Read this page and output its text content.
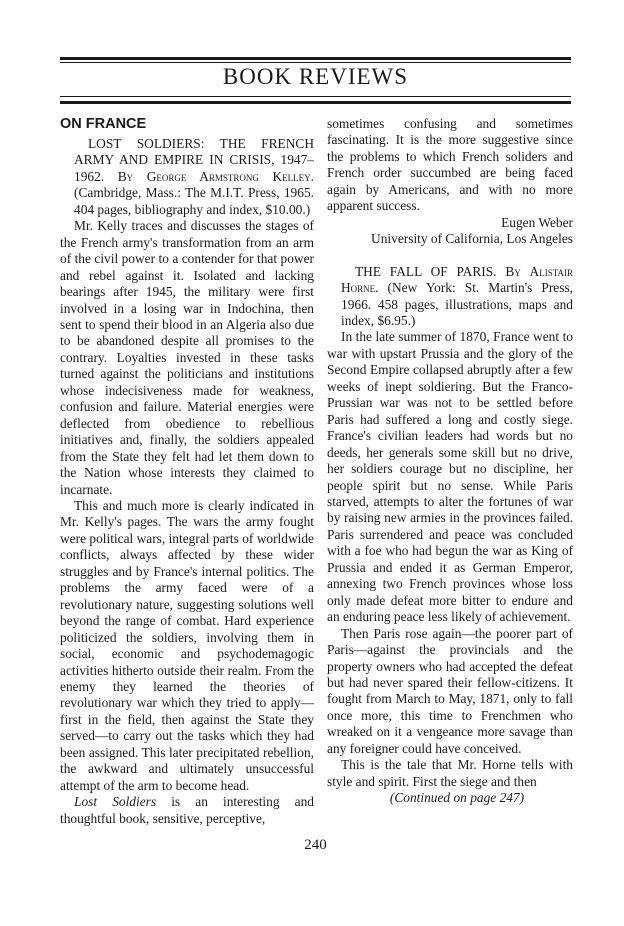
BOOK REVIEWS
ON FRANCE

LOST SOLDIERS: THE FRENCH ARMY AND EMPIRE IN CRISIS, 1947–1962. By George Armstrong Kelley. (Cambridge, Mass.: The M.I.T. Press, 1965. 404 pages, bibliography and index, $10.00.)

Mr. Kelly traces and discusses the stages of the French army's transformation from an arm of the civil power to a contender for that power and rebel against it. Isolated and lacking bearings after 1945, the military were first involved in a losing war in Indochina, then sent to spend their blood in an Algeria also due to be abandoned despite all promises to the contrary. Loyalties invested in these tasks turned against the politicians and institutions whose indecisiveness made for weakness, confusion and failure. Material energies were deflected from obedience to rebellious initiatives and, finally, the soldiers appealed from the State they felt had let them down to the Nation whose interests they claimed to incarnate.

This and much more is clearly indicated in Mr. Kelly's pages. The wars the army fought were political wars, integral parts of worldwide conflicts, always affected by these wider struggles and by France's internal politics. The problems the army faced were of a revolutionary nature, suggesting solutions well beyond the range of combat. Hard experience politicized the soldiers, involving them in social, economic and psychodemagogic activities hitherto outside their realm. From the enemy they learned the theories of revolutionary war which they tried to apply—first in the field, then against the State they served—to carry out the tasks which they had been assigned. This later precipitated rebellion, the awkward and ultimately unsuccessful attempt of the arm to become head.

Lost Soldiers is an interesting and thoughtful book, sensitive, perceptive,

sometimes confusing and sometimes fascinating. It is the more suggestive since the problems to which French soliders and French order succumbed are being faced again by Americans, and with no more apparent success.

Eugen Weber

University of California, Los Angeles

THE FALL OF PARIS. By Alistair Horne. (New York: St. Martin's Press, 1966. 458 pages, illustrations, maps and index, $6.95.)

In the late summer of 1870, France went to war with upstart Prussia and the glory of the Second Empire collapsed abruptly after a few weeks of inept soldiering. But the Franco-Prussian war was not to be settled before Paris had suffered a long and costly siege. France's civilian leaders had words but no deeds, her generals some skill but no drive, her soldiers courage but no discipline, her people spirit but no sense. While Paris starved, attempts to alter the fortunes of war by raising new armies in the provinces failed. Paris surrendered and peace was concluded with a foe who had begun the war as King of Prussia and ended it as German Emperor, annexing two French provinces whose loss only made defeat more bitter to endure and an enduring peace less likely of achievement.

Then Paris rose again—the poorer part of Paris—against the provincials and the property owners who had accepted the defeat but had never spared their fellow-citizens. It fought from March to May, 1871, only to fall once more, this time to Frenchmen who wreaked on it a vengeance more savage than any foreigner could have conceived.

This is the tale that Mr. Horne tells with style and spirit. First the siege and then

(Continued on page 247)

240
